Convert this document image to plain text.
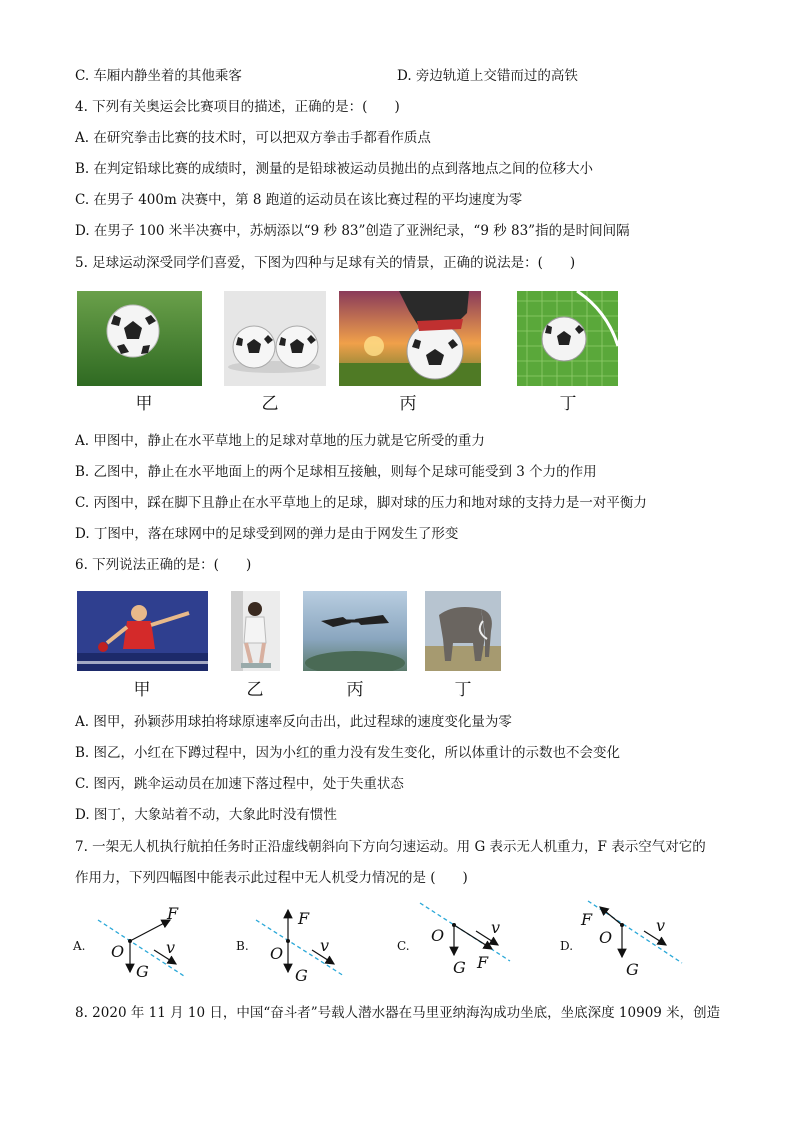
C. 车厢内静坐着的其他乘客	D. 旁边轨道上交错而过的高铁
4. 下列有关奥运会比赛项目的描述，正确的是：(　　)
A. 在研究拳击比赛的技术时，可以把双方拳击手都看作质点
B. 在判定铅球比赛的成绩时，测量的是铅球被运动员抛出的点到落地点之间的位移大小
C. 在男子 400m 决赛中，第 8 跑道的运动员在该比赛过程的平均速度为零
D. 在男子 100 米半决赛中，苏炳添以“9 秒 83”创造了亚洲纪录，“9 秒 83”指的是时间间隔
5. 足球运动深受同学们喜爱，下图为四种与足球有关的情景，正确的说法是：(　　)
甲	乙	丙	丁
A. 甲图中，静止在水平草地上的足球对草地的压力就是它所受的重力
B. 乙图中，静止在水平地面上的两个足球相互接触，则每个足球可能受到 3 个力的作用
C. 丙图中，踩在脚下且静止在水平草地上的足球，脚对球的压力和地对球的支持力是一对平衡力
D. 丁图中，落在球网中的足球受到网的弹力是由于网发生了形变
6. 下列说法正确的是：(　　)
甲	乙	丙	丁
A. 图甲，孙颖莎用球拍将球原速率反向击出，此过程球的速度变化量为零
B. 图乙，小红在下蹲过程中，因为小红的重力没有发生变化，所以体重计的示数也不会变化
C. 图丙，跳伞运动员在加速下落过程中，处于失重状态
D. 图丁，大象站着不动，大象此时没有惯性
7. 一架无人机执行航拍任务时正沿虚线朝斜向下方向匀速运动。用 G 表示无人机重力，F 表示空气对它的
作用力，下列四幅图中能表示此过程中无人机受力情况的是 (　　)
A.
F
O	v
G
B.
F
O v
G
C.
O	v
G F
D.
F
O
v
G
8. 2020 年 11 月 10 日，中国“奋斗者”号载人潜水器在马里亚纳海沟成功坐底，坐底深度 10909 米，创造
